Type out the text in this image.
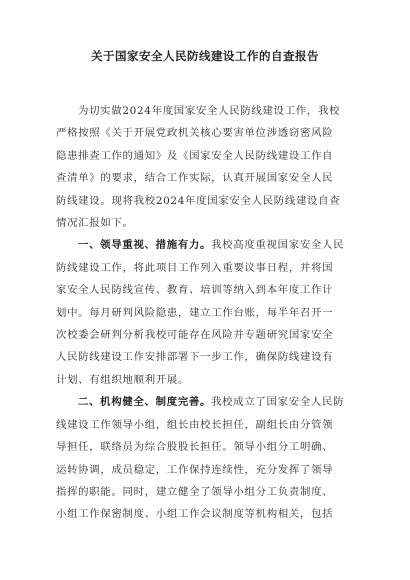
关于国家安全人民防线建设工作的自查报告

为切实做2024年度国家安全人民防线建设工作，我校
严格按照《关于开展党政机关核心要害单位涉透窃密风险
隐患排查工作的通知》及《国家安全人民防线建设工作自
查清单》的要求，结合工作实际，认真开展国家安全人民
防线建设。现将我校2024年度国家安全人民防线建设自查
情况汇报如下。

一、领导重视、措施有力。我校高度重视国家安全人民
防线建设工作，将此项目工作列入重要议事日程，并将国
家安全人民防线宣传、教育、培训等纳入到本年度工作计
划中。每月研判风险隐患，建立工作台账，每半年召开一
次校委会研判分析我校可能存在风险并专题研究国家安全
人民防线建设工作安排部署下一步工作，确保防线建设有
计划、有组织地顺利开展。

二、机构健全、制度完善。我校成立了国家安全人民防
线建设工作领导小组，组长由校长担任，副组长由分管领
导担任，联络员为综合股股长担任。领导小组分工明确、
运转协调，成员稳定，工作保持连续性，充分发挥了领导
指挥的职能。同时，建立健全了领导小组分工负责制度、
小组工作保密制度、小组工作会议制度等机构相关，包括
